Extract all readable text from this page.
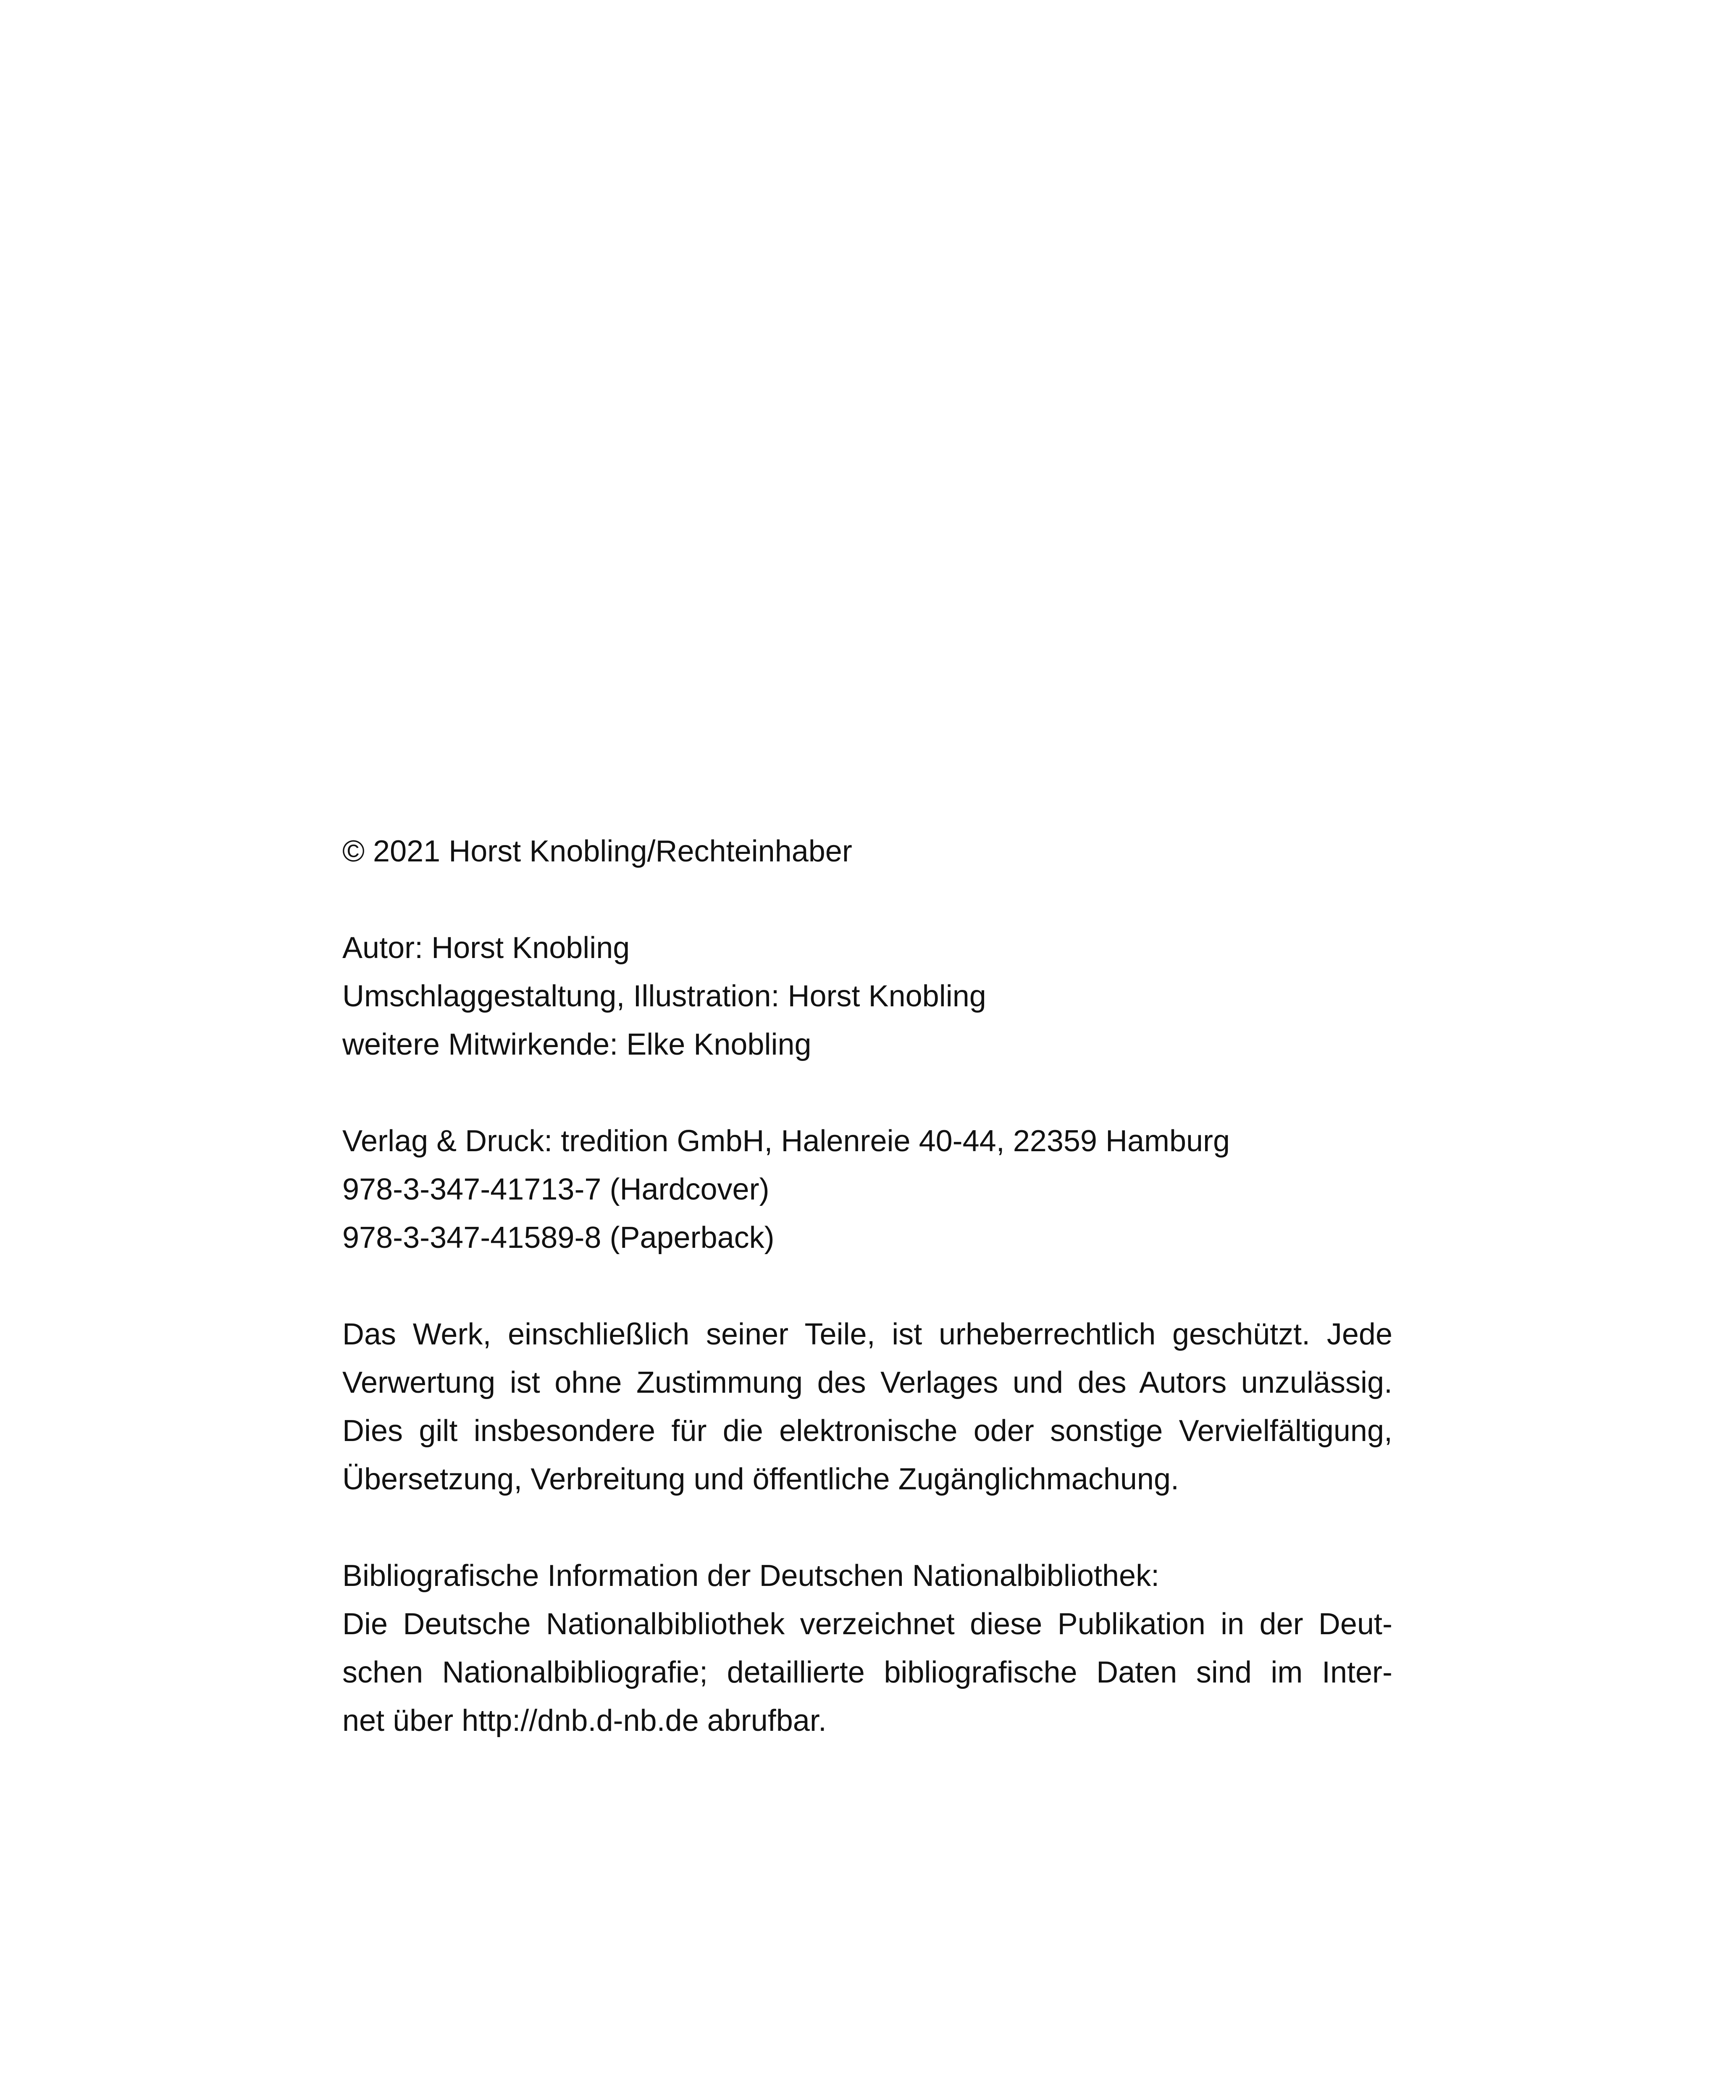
© 2021 Horst Knobling/Rechteinhaber
Autor: Horst Knobling
Umschlaggestaltung, Illustration: Horst Knobling
weitere Mitwirkende: Elke Knobling
Verlag & Druck: tredition GmbH, Halenreie 40-44, 22359 Hamburg
978-3-347-41713-7 (Hardcover)
978-3-347-41589-8 (Paperback)
Das Werk, einschließlich seiner Teile, ist urheberrechtlich geschützt. Jede
Verwertung ist ohne Zustimmung des Verlages und des Autors unzulässig.
Dies gilt insbesondere für die elektronische oder sonstige Vervielfältigung,
Übersetzung, Verbreitung und öffentliche Zugänglichmachung.
Bibliografische Information der Deutschen Nationalbibliothek:
Die Deutsche Nationalbibliothek verzeichnet diese Publikation in der Deut-
schen Nationalbibliografie; detaillierte bibliografische Daten sind im Inter-
net über http://dnb.d-nb.de abrufbar.
